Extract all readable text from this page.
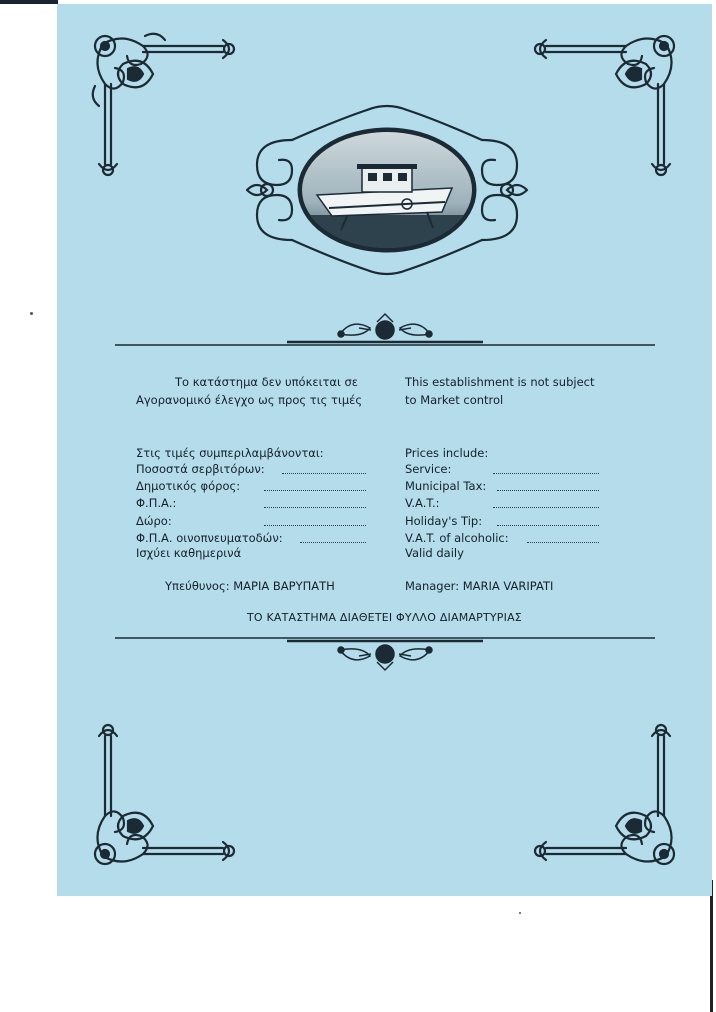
Το κατάστημα δεν υπόκειται σε
Αγορανομικό έλεγχο ως προς τις τιμές
Στις τιμές συμπεριλαμβάνονται:
Ποσοστά σερβιτόρων:
Δημοτικός φόρος:
Φ.Π.Α.:
Δώρο:
Φ.Π.Α. οινοπνευματοδών:
Ισχύει καθημερινά
Υπεύθυνος: ΜΑΡΙΑ ΒΑΡΥΠΑΤΗ
This establishment is not subject
to Market control
Prices include:
Service:
Municipal Tax:
V.A.T.:
Holiday's Tip:
V.A.T. of alcoholic:
Valid daily
Manager: MARIA VARIPATI
ΤΟ ΚΑΤΑΣΤΗΜΑ ΔΙΑΘΕΤΕΙ ΦΥΛΛΟ ΔΙΑΜΑΡΤΥΡΙΑΣ
